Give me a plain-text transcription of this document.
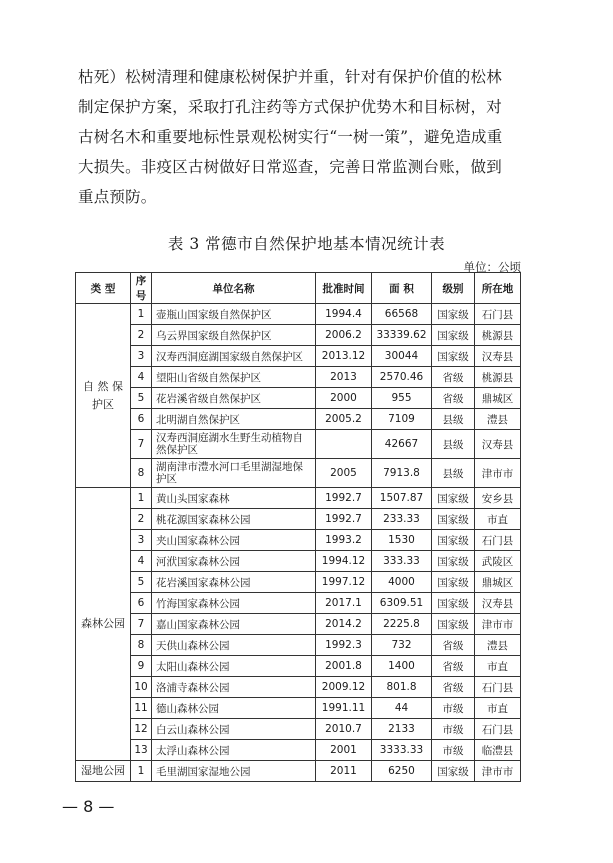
枯死）松树清理和健康松树保护并重，针对有保护价值的松林
制定保护方案，采取打孔注药等方式保护优势木和目标树，对
古树名木和重要地标性景观松树实行“一树一策”，避免造成重
大损失。非疫区古树做好日常巡查，完善日常监测台账，做到
重点预防。
表 3 常德市自然保护地基本情况统计表
单位：公顷
类 型	序号	单位名称	批准时间	面 积	级别	所在地
自 然 保护区	1	壶瓶山国家级自然保护区	1994.4	66568	国家级	石门县
	2	乌云界国家级自然保护区	2006.2	33339.62	国家级	桃源县
	3	汉寿西洞庭湖国家级自然保护区	2013.12	30044	国家级	汉寿县
	4	望阳山省级自然保护区	2013	2570.46	省级	桃源县
	5	花岩溪省级自然保护区	2000	955	省级	鼎城区
	6	北明湖自然保护区	2005.2	7109	县级	澧县
	7	汉寿西洞庭湖水生野生动植物自然保护区		42667	县级	汉寿县
	8	湖南津市澧水河口毛里湖湿地保护区	2005	7913.8	县级	津市市
森林公园	1	黄山头国家森林	1992.7	1507.87	国家级	安乡县
	2	桃花源国家森林公园	1992.7	233.33	国家级	市直
	3	夹山国家森林公园	1993.2	1530	国家级	石门县
	4	河洑国家森林公园	1994.12	333.33	国家级	武陵区
	5	花岩溪国家森林公园	1997.12	4000	国家级	鼎城区
	6	竹海国家森林公园	2017.1	6309.51	国家级	汉寿县
	7	嘉山国家森林公园	2014.2	2225.8	国家级	津市市
	8	天供山森林公园	1992.3	732	省级	澧县
	9	太阳山森林公园	2001.8	1400	省级	市直
	10	洛浦寺森林公园	2009.12	801.8	省级	石门县
	11	德山森林公园	1991.11	44	市级	市直
	12	白云山森林公园	2010.7	2133	市级	石门县
	13	太浮山森林公园	2001	3333.33	市级	临澧县
湿地公园	1	毛里湖国家湿地公园	2011	6250	国家级	津市市
— 8 —
